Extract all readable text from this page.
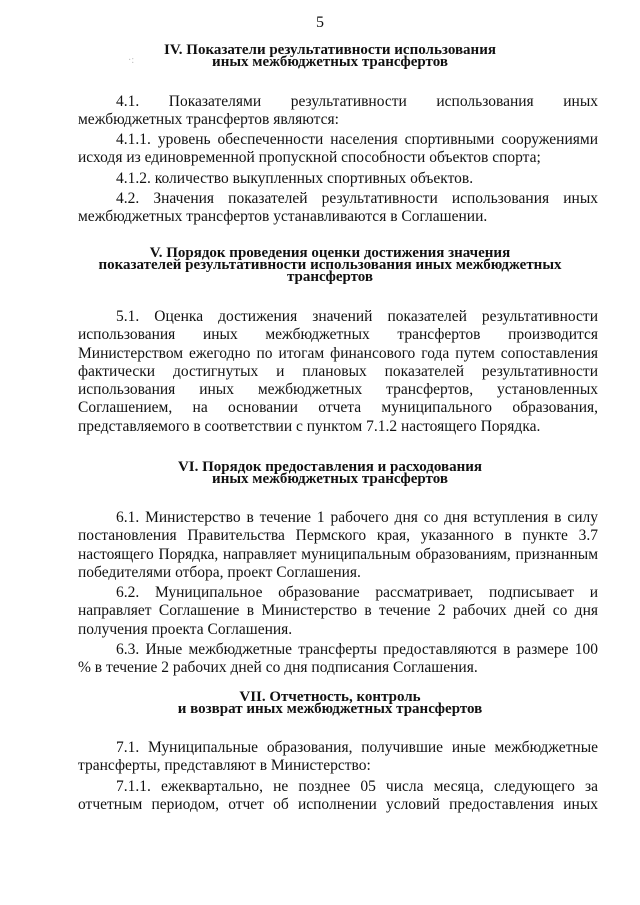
5
·:
IV. Показатели результативности использования
иных межбюджетных трансфертов
4.1. Показателями результативности использования иных межбюджетных трансфертов являются:
4.1.1. уровень обеспеченности населения спортивными сооружениями исходя из единовременной пропускной способности объектов спорта;
4.1.2. количество выкупленных спортивных объектов.
4.2. Значения показателей результативности использования иных межбюджетных трансфертов устанавливаются в Соглашении.
V. Порядок проведения оценки достижения значения
показателей результативности использования иных межбюджетных
трансфертов
5.1. Оценка достижения значений показателей результативности использования иных межбюджетных трансфертов производится Министерством ежегодно по итогам финансового года путем сопоставления фактически достигнутых и плановых показателей результативности использования иных межбюджетных трансфертов, установленных Соглашением, на основании отчета муниципального образования, представляемого в соответствии с пунктом 7.1.2 настоящего Порядка.
VI. Порядок предоставления и расходования
иных межбюджетных трансфертов
6.1. Министерство в течение 1 рабочего дня со дня вступления в силу постановления Правительства Пермского края, указанного в пункте 3.7 настоящего Порядка, направляет муниципальным образованиям, признанным победителями отбора, проект Соглашения.
6.2. Муниципальное образование рассматривает, подписывает и направляет Соглашение в Министерство в течение 2 рабочих дней со дня получения проекта Соглашения.
6.3. Иные межбюджетные трансферты предоставляются в размере 100 % в течение 2 рабочих дней со дня подписания Соглашения.
VII. Отчетность, контроль
и возврат иных межбюджетных трансфертов
7.1. Муниципальные образования, получившие иные межбюджетные трансферты, представляют в Министерство:
7.1.1. ежеквартально, не позднее 05 числа месяца, следующего за отчетным периодом, отчет об исполнении условий предоставления иных
